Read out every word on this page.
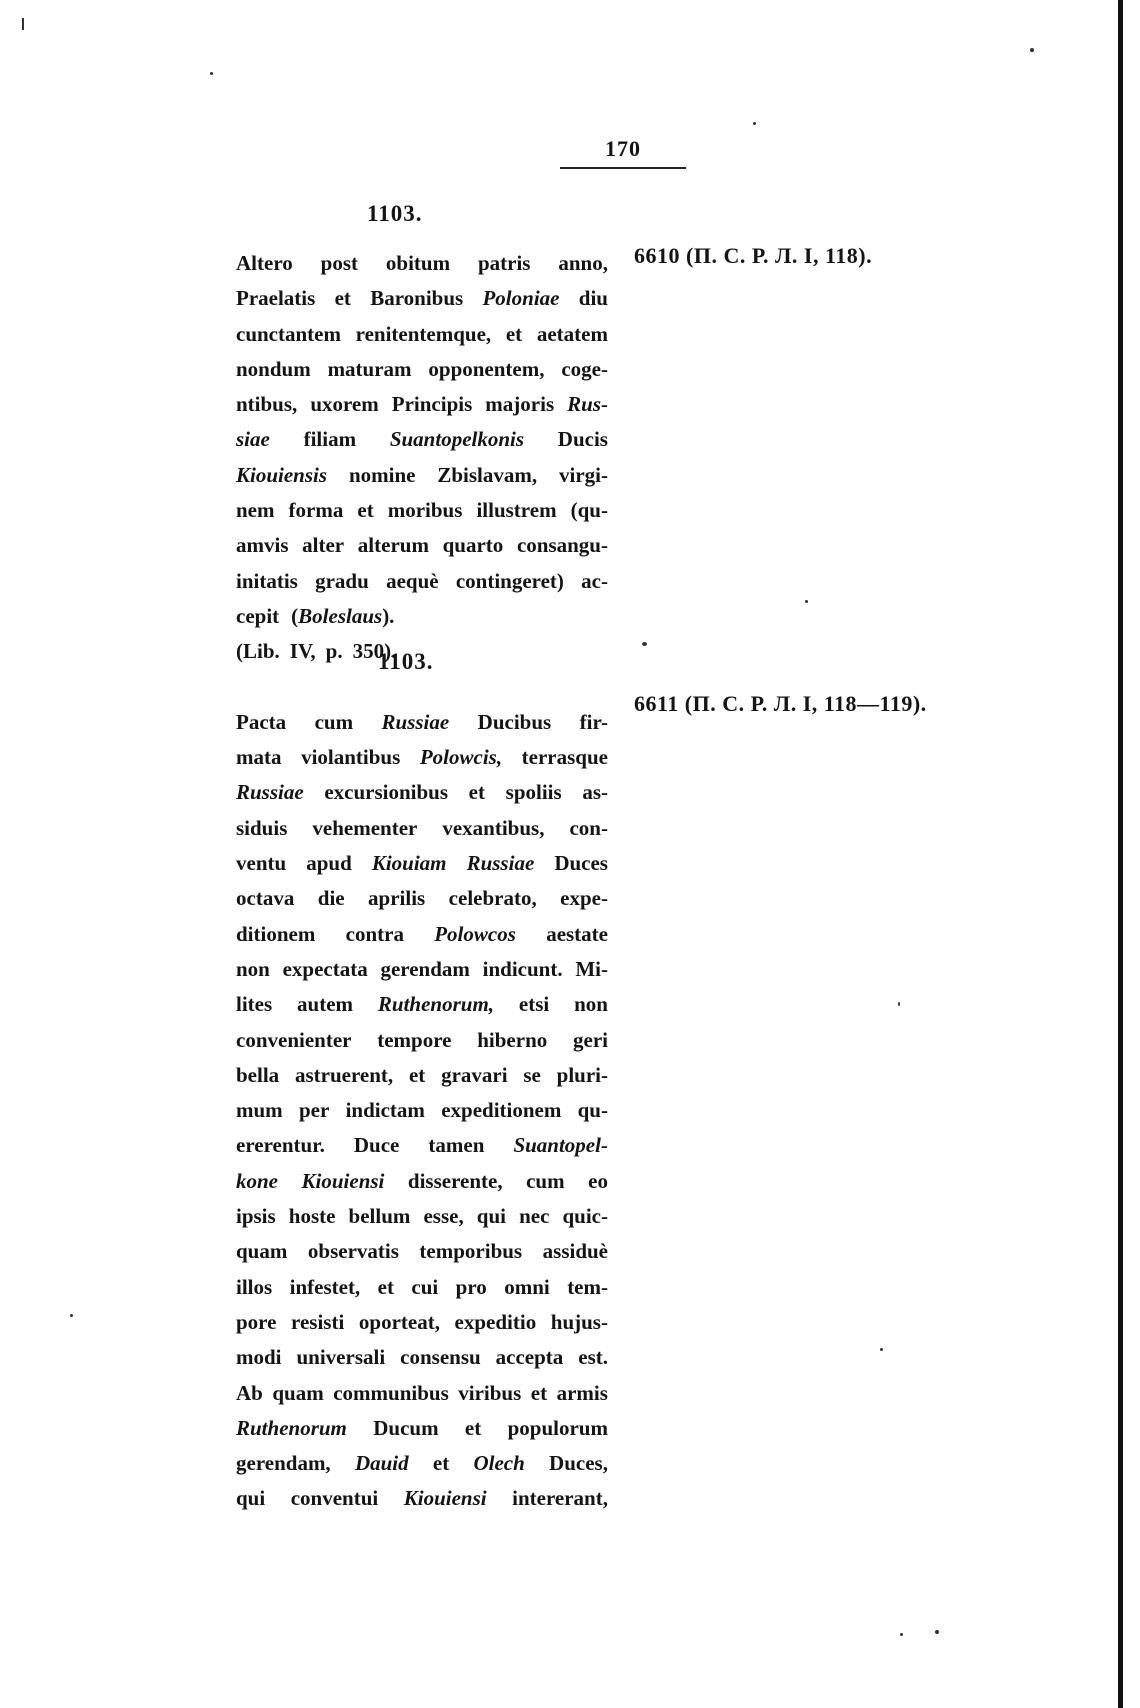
170
1103.
6610 (П. С. Р. Л. I, 118).
1103.
6611 (П. С. Р. Л. I, 118—119).
Altero post obitum patris anno,
Praelatis et Baronibus Poloniae diu
cunctantem renitentemque, et aetatem
nondum maturam opponentem, coge-
ntibus, uxorem Principis majoris Rus-
siae filiam Suantopelkonis Ducis
Kiouiensis nomine Zbislavam, virgi-
nem forma et moribus illustrem (qu-
amvis alter alterum quarto consangu-
initatis gradu aequè contingeret) ac-
cepit ( Boleslaus ).
(Lib. IV, p. 350).
Pacta cum Russiae Ducibus fir-
mata violantibus Polowcis, terrasque
Russiae excursionibus et spoliis as-
siduis vehementer vexantibus, con-
ventu apud Kiouiam Russiae Duces
octava die aprilis celebrato, expe-
ditionem contra Polowcos aestate
non expectata gerendam indicunt. Mi-
lites autem Ruthenorum, etsi non
convenienter tempore hiberno geri
bella astruerent, et gravari se pluri-
mum per indictam expeditionem qu-
ererentur. Duce tamen Suantopel-
kone Kiouiensi disserente, cum eo
ipsis hoste bellum esse, qui nec quic-
quam observatis temporibus assiduè
illos infestet, et cui pro omni tem-
pore resisti oporteat, expeditio hujus-
modi universali consensu accepta est.
Ab quam communibus viribus et armis
Ruthenorum Ducum et populorum
gerendam, Dauid et Olech Duces,
qui conventui Kiouiensi intererant,
